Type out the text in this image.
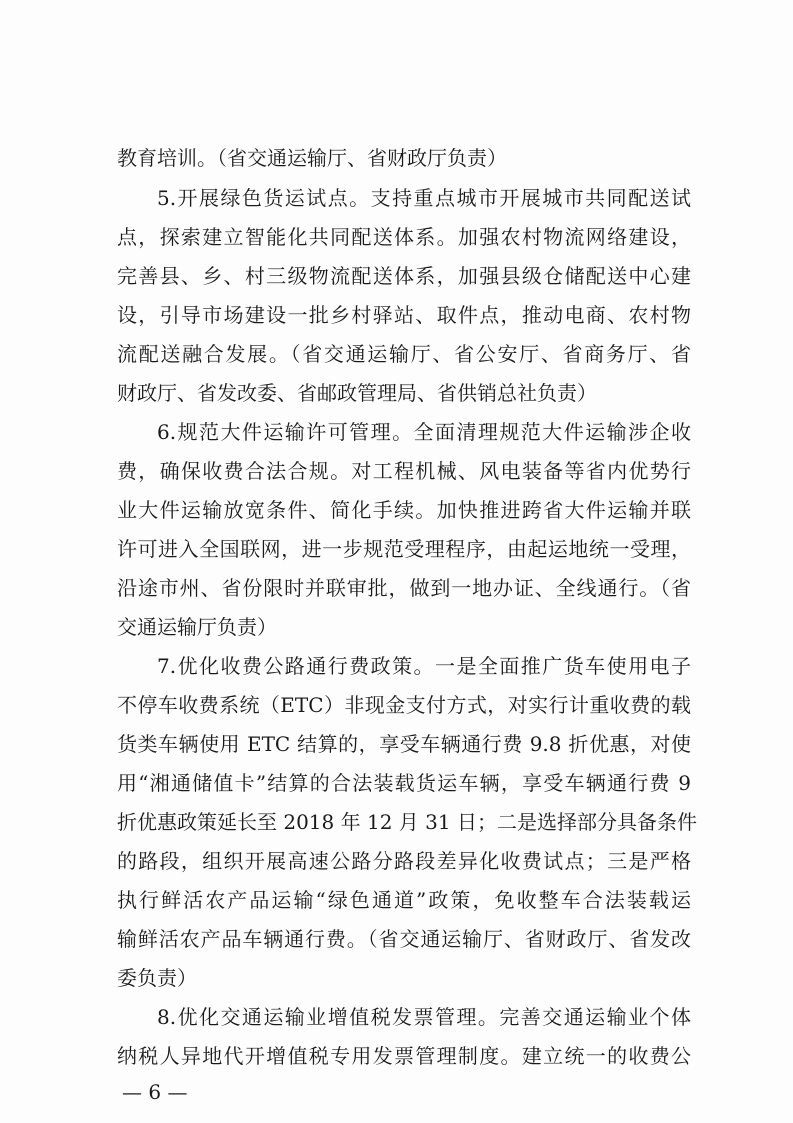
教育培训。（省交通运输厅、省财政厅负责）
5.开展绿色货运试点。支持重点城市开展城市共同配送试
点，探索建立智能化共同配送体系。加强农村物流网络建设，
完善县、乡、村三级物流配送体系，加强县级仓储配送中心建
设，引导市场建设一批乡村驿站、取件点，推动电商、农村物
流配送融合发展。（省交通运输厅、省公安厅、省商务厅、省
财政厅、省发改委、省邮政管理局、省供销总社负责）
6.规范大件运输许可管理。全面清理规范大件运输涉企收
费，确保收费合法合规。对工程机械、风电装备等省内优势行
业大件运输放宽条件、简化手续。加快推进跨省大件运输并联
许可进入全国联网，进一步规范受理程序，由起运地统一受理，
沿途市州、省份限时并联审批，做到一地办证、全线通行。（省
交通运输厅负责）
7.优化收费公路通行费政策。一是全面推广货车使用电子
不停车收费系统（ETC）非现金支付方式，对实行计重收费的载
货类车辆使用 ETC 结算的，享受车辆通行费 9.8 折优惠，对使
用“湘通储值卡”结算的合法装载货运车辆，享受车辆通行费 9
折优惠政策延长至 2018 年 12 月 31 日；二是选择部分具备条件
的路段，组织开展高速公路分路段差异化收费试点；三是严格
执行鲜活农产品运输“绿色通道”政策，免收整车合法装载运
输鲜活农产品车辆通行费。（省交通运输厅、省财政厅、省发改
委负责）
8.优化交通运输业增值税发票管理。完善交通运输业个体
纳税人异地代开增值税专用发票管理制度。建立统一的收费公
— 6 —
